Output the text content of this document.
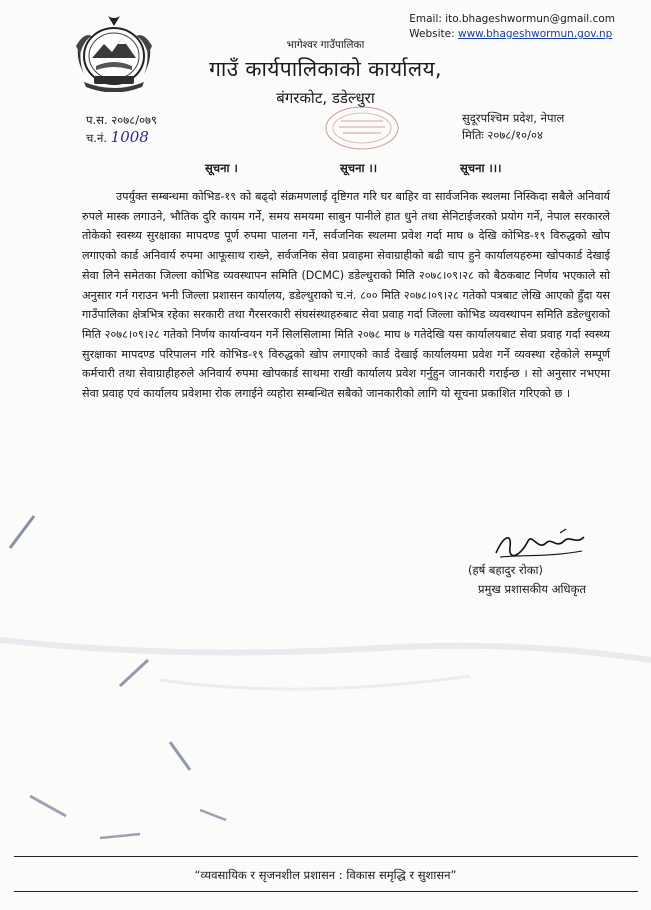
Email: ito.bhageshwormun@gmail.com
Website: www.bhageshwormun.gov.np
भागेश्वर गाउँपालिका
गाउँ कार्यपालिकाको कार्यालय,
बंगरकोट, डडेल्धुरा
प.स. २०७८/०७९
च.नं. 1008
सुदूरपश्चिम प्रदेश, नेपाल
मितिः २०७८/१०/०४
सूचना ।	सूचना ।।	सूचना ।।।
उपर्युक्त सम्बन्धमा कोभिड-१९ को बढ्दो संक्रमणलाई दृष्टिगत गरि घर बाहिर वा सार्वजनिक स्थलमा निस्किदा सबैले अनिवार्य रुपले मास्क लगाउने, भौतिक दुरि कायम गर्ने, समय समयमा साबुन पानीले हात धुने तथा सेनिटाईजरको प्रयोग गर्ने, नेपाल सरकारले तोकेको स्वस्थ्य सुरक्षाका मापदण्ड पूर्ण रुपमा पालना गर्ने, सर्वजनिक स्थलमा प्रवेश गर्दा माघ ७ देखि कोभिड-१९ विरुद्धको खोप लगाएको कार्ड अनिवार्य रुपमा आफूसाथ राख्ने, सर्वजनिक सेवा प्रवाहमा सेवाग्राहीको बढी चाप हुने कार्यालयहरुमा खोपकार्ड देखाई सेवा लिने समेतका जिल्ला कोभिड व्यवस्थापन समिति (DCMC) डडेल्धुराको मिति २०७८।०९।२८ को बैठकबाट निर्णय भएकाले सो अनुसार गर्न गराउन भनी जिल्ला प्रशासन कार्यालय, डडेल्धुराको च.नं. ८०० मिति २०७८।०९।२८ गतेको पत्रबाट लेखि आएको हुँदा यस गाउँपालिका क्षेत्रभित्र रहेका सरकारी तथा गैरसरकारी संघसंस्थाहरुबाट सेवा प्रवाह गर्दा जिल्ला कोभिड व्यवस्थापन समिति डडेल्धुराको मिति २०७८।०९।२८ गतेको निर्णय कार्यान्वयन गर्ने सिलसिलामा मिति २०७८ माघ ७ गतेदेखि यस कार्यालयबाट सेवा प्रवाह गर्दा स्वस्थ्य सुरक्षाका मापदण्ड परिपालन गरि कोभिड-१९ विरुद्धको खोप लगाएको कार्ड देखाई कार्यालयमा प्रवेश गर्ने व्यवस्था रहेकोले सम्पूर्ण कर्मचारी तथा सेवाग्राहीहरुले अनिवार्य रुपमा खोपकार्ड साथमा राखी कार्यालय प्रवेश गर्नुहुन जानकारी गराईन्छ । सो अनुसार नभएमा सेवा प्रवाह एवं कार्यालय प्रवेशमा रोक लगाईने व्यहोरा सम्बन्धित सबैको जानकारीको लागि यो सूचना प्रकाशित गरिएको छ ।
(हर्ष बहादुर रोका)
प्रमुख प्रशासकीय अधिकृत
“व्यवसायिक र सृजनशील प्रशासन : विकास समृद्धि र सुशासन”
